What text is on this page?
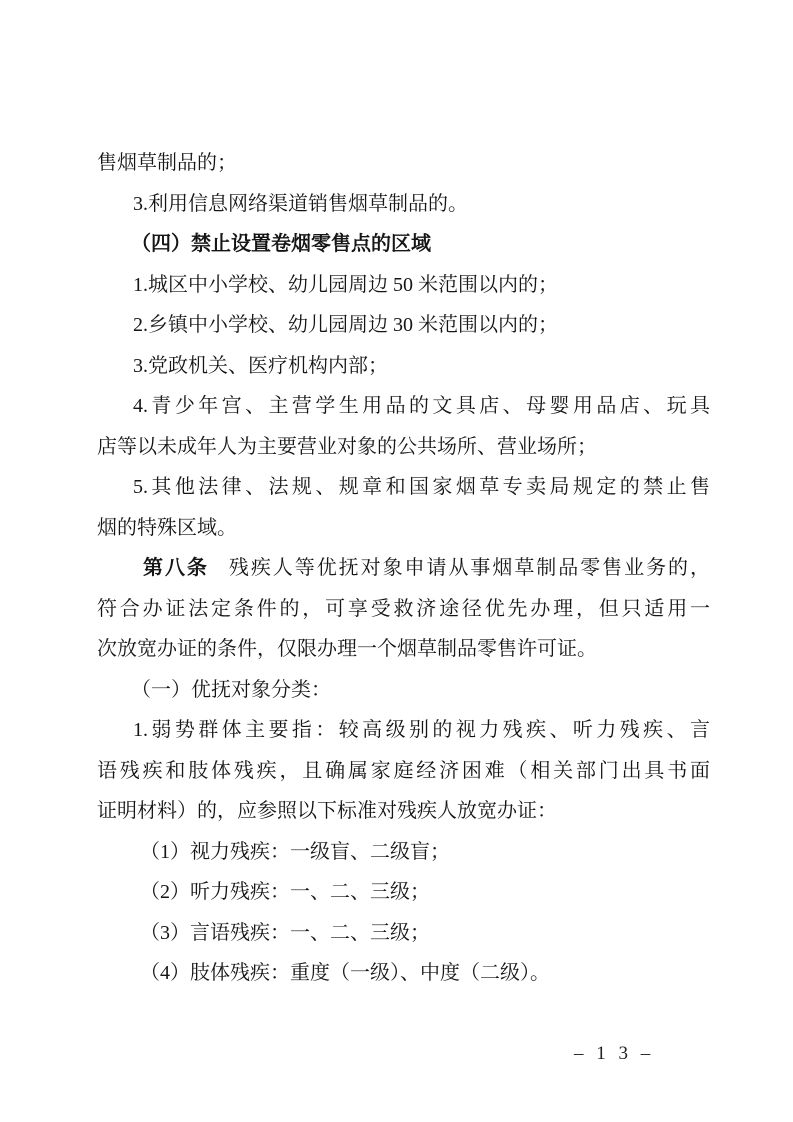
售烟草制品的；
3.利用信息网络渠道销售烟草制品的。
（四）禁止设置卷烟零售点的区域
1.城区中小学校、幼儿园周边 50 米范围以内的；
2.乡镇中小学校、幼儿园周边 30 米范围以内的；
3.党政机关、医疗机构内部；
4.青少年宫、主营学生用品的文具店、母婴用品店、玩具
店等以未成年人为主要营业对象的公共场所、营业场所；
5.其他法律、法规、规章和国家烟草专卖局规定的禁止售
烟的特殊区域。
第八条 残疾人等优抚对象申请从事烟草制品零售业务的，
符合办证法定条件的，可享受救济途径优先办理，但只适用一
次放宽办证的条件，仅限办理一个烟草制品零售许可证。
（一）优抚对象分类：
1.弱势群体主要指：较高级别的视力残疾、听力残疾、言
语残疾和肢体残疾，且确属家庭经济困难（相关部门出具书面
证明材料）的，应参照以下标准对残疾人放宽办证：
（1）视力残疾：一级盲、二级盲；
（2）听力残疾：一、二、三级；
（3）言语残疾：一、二、三级；
（4）肢体残疾：重度（一级）、中度（二级）。
– 1 3 –
